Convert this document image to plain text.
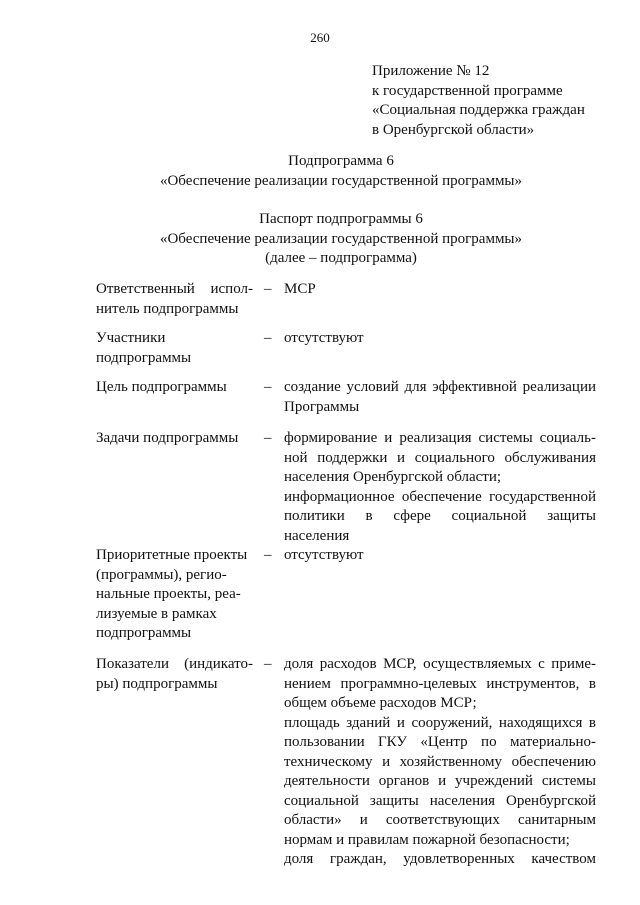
260
Приложение № 12
к государственной программе
«Социальная поддержка граждан
в Оренбургской области»
Подпрограмма 6
«Обеспечение реализации государственной программы»
Паспорт подпрограммы 6
«Обеспечение реализации государственной программы»
(далее – подпрограмма)
Ответственный испол-
нитель подпрограммы
– МСР
Участники
подпрограммы
– отсутствуют
Цель подпрограммы	– создание условий для эффективной реализации Программы
Задачи подпрограммы	– формирование и реализация системы социальной поддержки и социального обслуживания населения Оренбургской области;
информационное обеспечение государственной политики в сфере социальной защиты населения
Приоритетные проекты
(программы), регио-
нальные проекты, реа-
лизуемые в рамках
подпрограммы
– отсутствуют
Показатели (индикато-
ры) подпрограммы
– доля расходов МСР, осуществляемых с применением программно-целевых инструментов, в общем объеме расходов МСР;
площадь зданий и сооружений, находящихся в пользовании ГКУ «Центр по материально-техническому и хозяйственному обеспечению деятельности органов и учреждений системы социальной защиты населения Оренбургской области» и соответствующих санитарным нормам и правилам пожарной безопасности;
доля граждан, удовлетворенных качеством
